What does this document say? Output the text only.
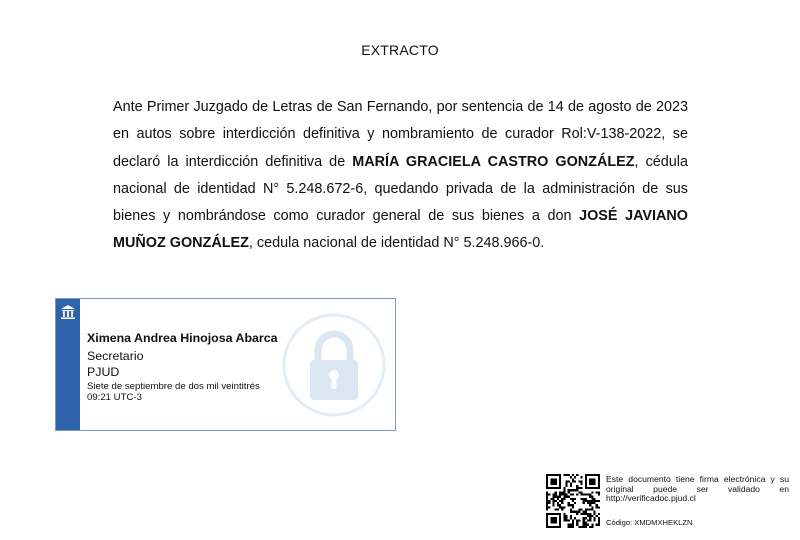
EXTRACTO
Ante Primer Juzgado de Letras de San Fernando, por sentencia de 14 de agosto de 2023 en autos sobre interdicción definitiva y nombramiento de curador Rol:V-138-2022, se declaró la interdicción definitiva de MARÍA GRACIELA CASTRO GONZÁLEZ, cédula nacional de identidad N° 5.248.672-6, quedando privada de la administración de sus bienes y nombrándose como curador general de sus bienes a don JOSÉ JAVIANO MUÑOZ GONZÁLEZ, cedula nacional de identidad N° 5.248.966-0.
Ximena Andrea Hinojosa Abarca
Secretario
PJUD
Siete de septiembre de dos mil veintitrés
09:21 UTC-3
Este documento tiene firma electrónica y su original puede ser validado en http://verificadoc.pjud.cl
Código: XMDMXHEKLZN
